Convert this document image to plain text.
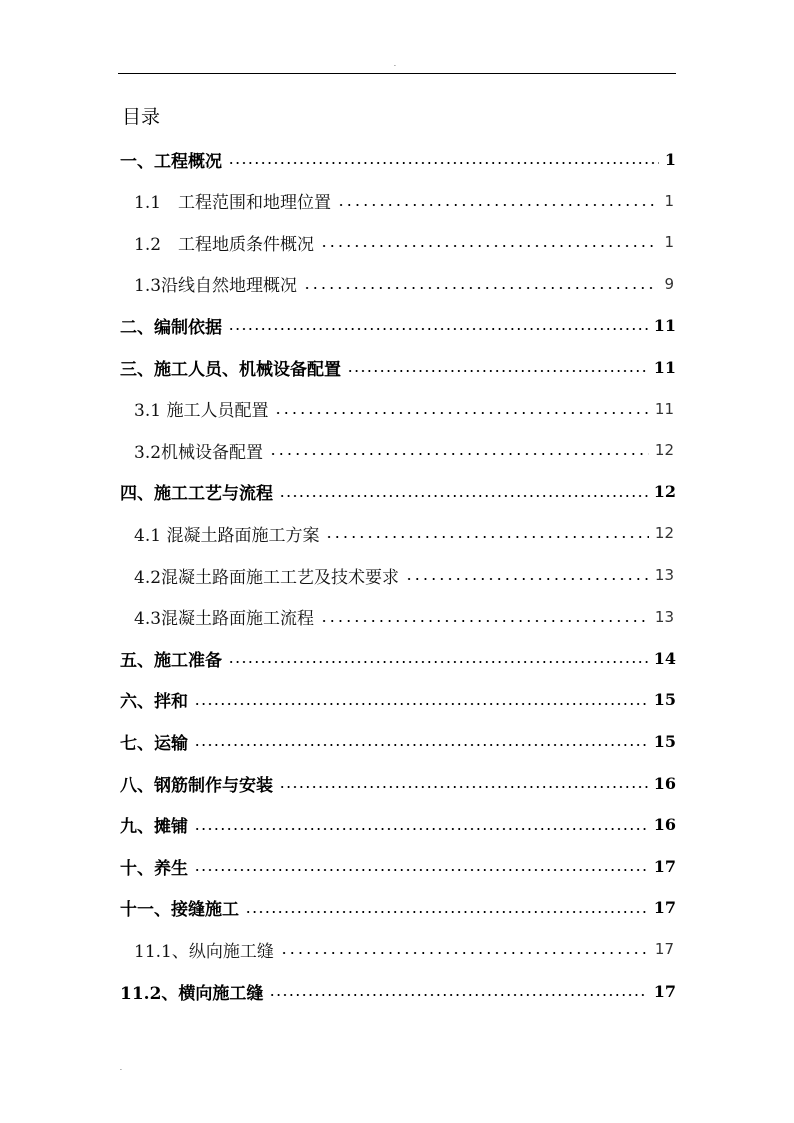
.
目录
一、工程概况	1
1.1　工程范围和地理位置	1
1.2　工程地质条件概况	1
1.3沿线自然地理概况	9
二、编制依据	11
三、施工人员、机械设备配置	11
3.1 施工人员配置	11
3.2机械设备配置	12
四、施工工艺与流程	12
4.1 混凝土路面施工方案	12
4.2混凝土路面施工工艺及技术要求	13
4.3混凝土路面施工流程	13
五、施工准备	14
六、拌和	15
七、运输	15
八、钢筋制作与安装	16
九、摊铺	16
十、养生	17
十一、接缝施工	17
11.1、纵向施工缝	17
11.2、横向施工缝	17
.
